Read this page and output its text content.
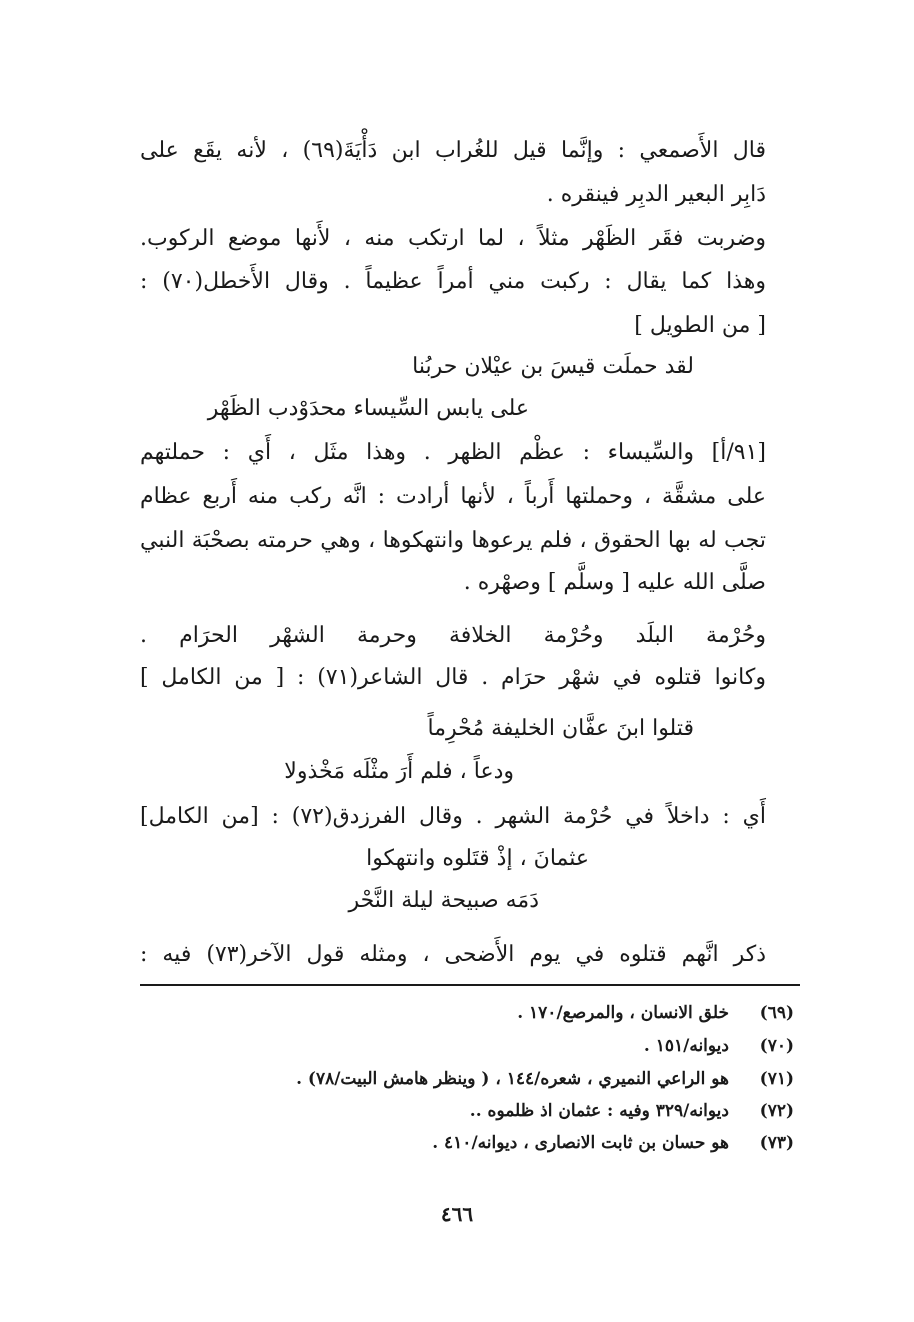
قال الأَصمعي : وإنَّما قيل للغُراب ابن دَأْيَةَ(٦٩) ، لأنه يقَع على

دَابِر البعير الدبِر فينقره .

وضربت فقَر الظَهْر مثلاً ، لما ارتكب منه ، لأَنها موضع الركوب.

وهذا كما يقال : ركبت مني أمراً عظيماً . وقال الأَخطل(٧٠) :

[ من الطويل ]

لقد حملَت قيسَ بن عيْلان حربُنا

على يابس السِّيساء محدَوْدب الظَهْر

[٩١/أ] والسِّيساء : عظْم الظهر . وهذا مثَل ، أَي : حملتهم

على مشقَّة ، وحملتها أَرباً ، لأنها أرادت : انَّه ركب منه أَربع عظام

تجب له بها الحقوق ، فلم يرعوها وانتهكوها ، وهي حرمته بصحْبَة النبي

صلَّى الله عليه [ وسلَّم ] وصهْره .

وحُرْمة البلَد وحُرْمة الخلافة وحرمة الشهْر الحرَام .

وكانوا قتلوه في شهْر حرَام . قال الشاعر(٧١) : [ من الكامل ]

قتلوا ابنَ عفَّان الخليفة مُحْرِماً

ودعاً ، فلم أَرَ مثْلَه مَخْذولا

أَي : داخلاً في حُرْمة الشهر . وقال الفرزدق(٧٢) : [من الكامل]

عثمانَ ، إذْ قتَلوه وانتهكوا

دَمَه صبيحة ليلة النَّحْر

ذكر انَّهم قتلوه في يوم الأَضحى ، ومثله قول الآخر(٧٣) فيه :

(٦٩)
خلق الانسان ، والمرصع/١٧٠ .
(٧٠)
ديوانه/١٥١ .
(٧١)
هو الراعي النميري ، شعره/١٤٤ ، ( وينظر هامش البيت/٧٨) .
(٧٢)
ديوانه/٣٢٩ وفيه : عثمان اذ ظلموه ..
(٧٣)
هو حسان بن ثابت الانصارى ، ديوانه/٤١٠ .
٤٦٦
